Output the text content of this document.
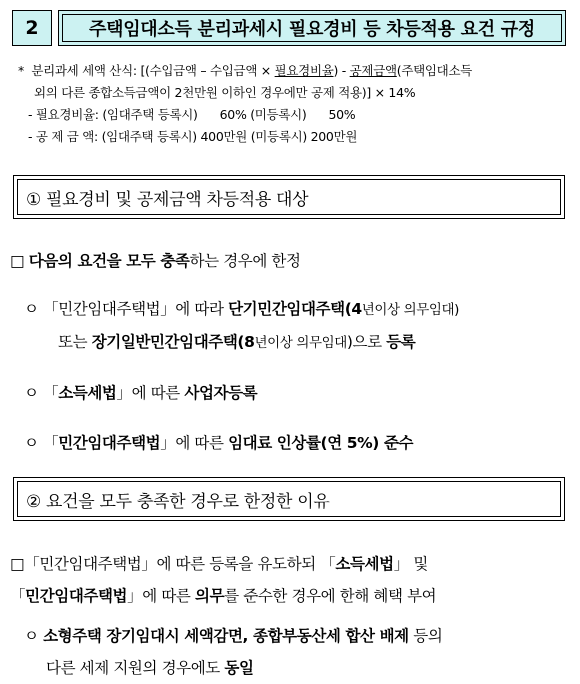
2	주택임대소득 분리과세시 필요경비 등 차등적용 요건 규정
* 분리과세 세액 산식: [(수입금액 – 수입금액 × 필요경비율) - 공제금액(주택임대소득
외의 다른 종합소득금액이 2천만원 이하인 경우에만 공제 적용)] × 14%
- 필요경비율: (임대주택 등록시)      60% (미등록시)      50%
- 공 제 금 액: (임대주택 등록시) 400만원 (미등록시) 200만원
① 필요경비 및 공제금액 차등적용 대상
□ 다음의 요건을 모두 충족하는 경우에 한정
ㅇ 「민간임대주택법」에 따라 단기민간임대주택(4년이상 의무임대)
또는 장기일반민간임대주택(8년이상 의무임대)으로 등록
ㅇ 「소득세법」에 따른 사업자등록
ㅇ 「민간임대주택법」에 따른 임대료 인상률(연 5%) 준수
② 요건을 모두 충족한 경우로 한정한 이유
□「민간임대주택법」에 따른 등록을 유도하되 「소득세법」 및
「민간임대주택법」에 따른 의무를 준수한 경우에 한해 혜택 부여
ㅇ 소형주택 장기임대시 세액감면, 종합부동산세 합산 배제 등의
다른 세제 지원의 경우에도 동일
